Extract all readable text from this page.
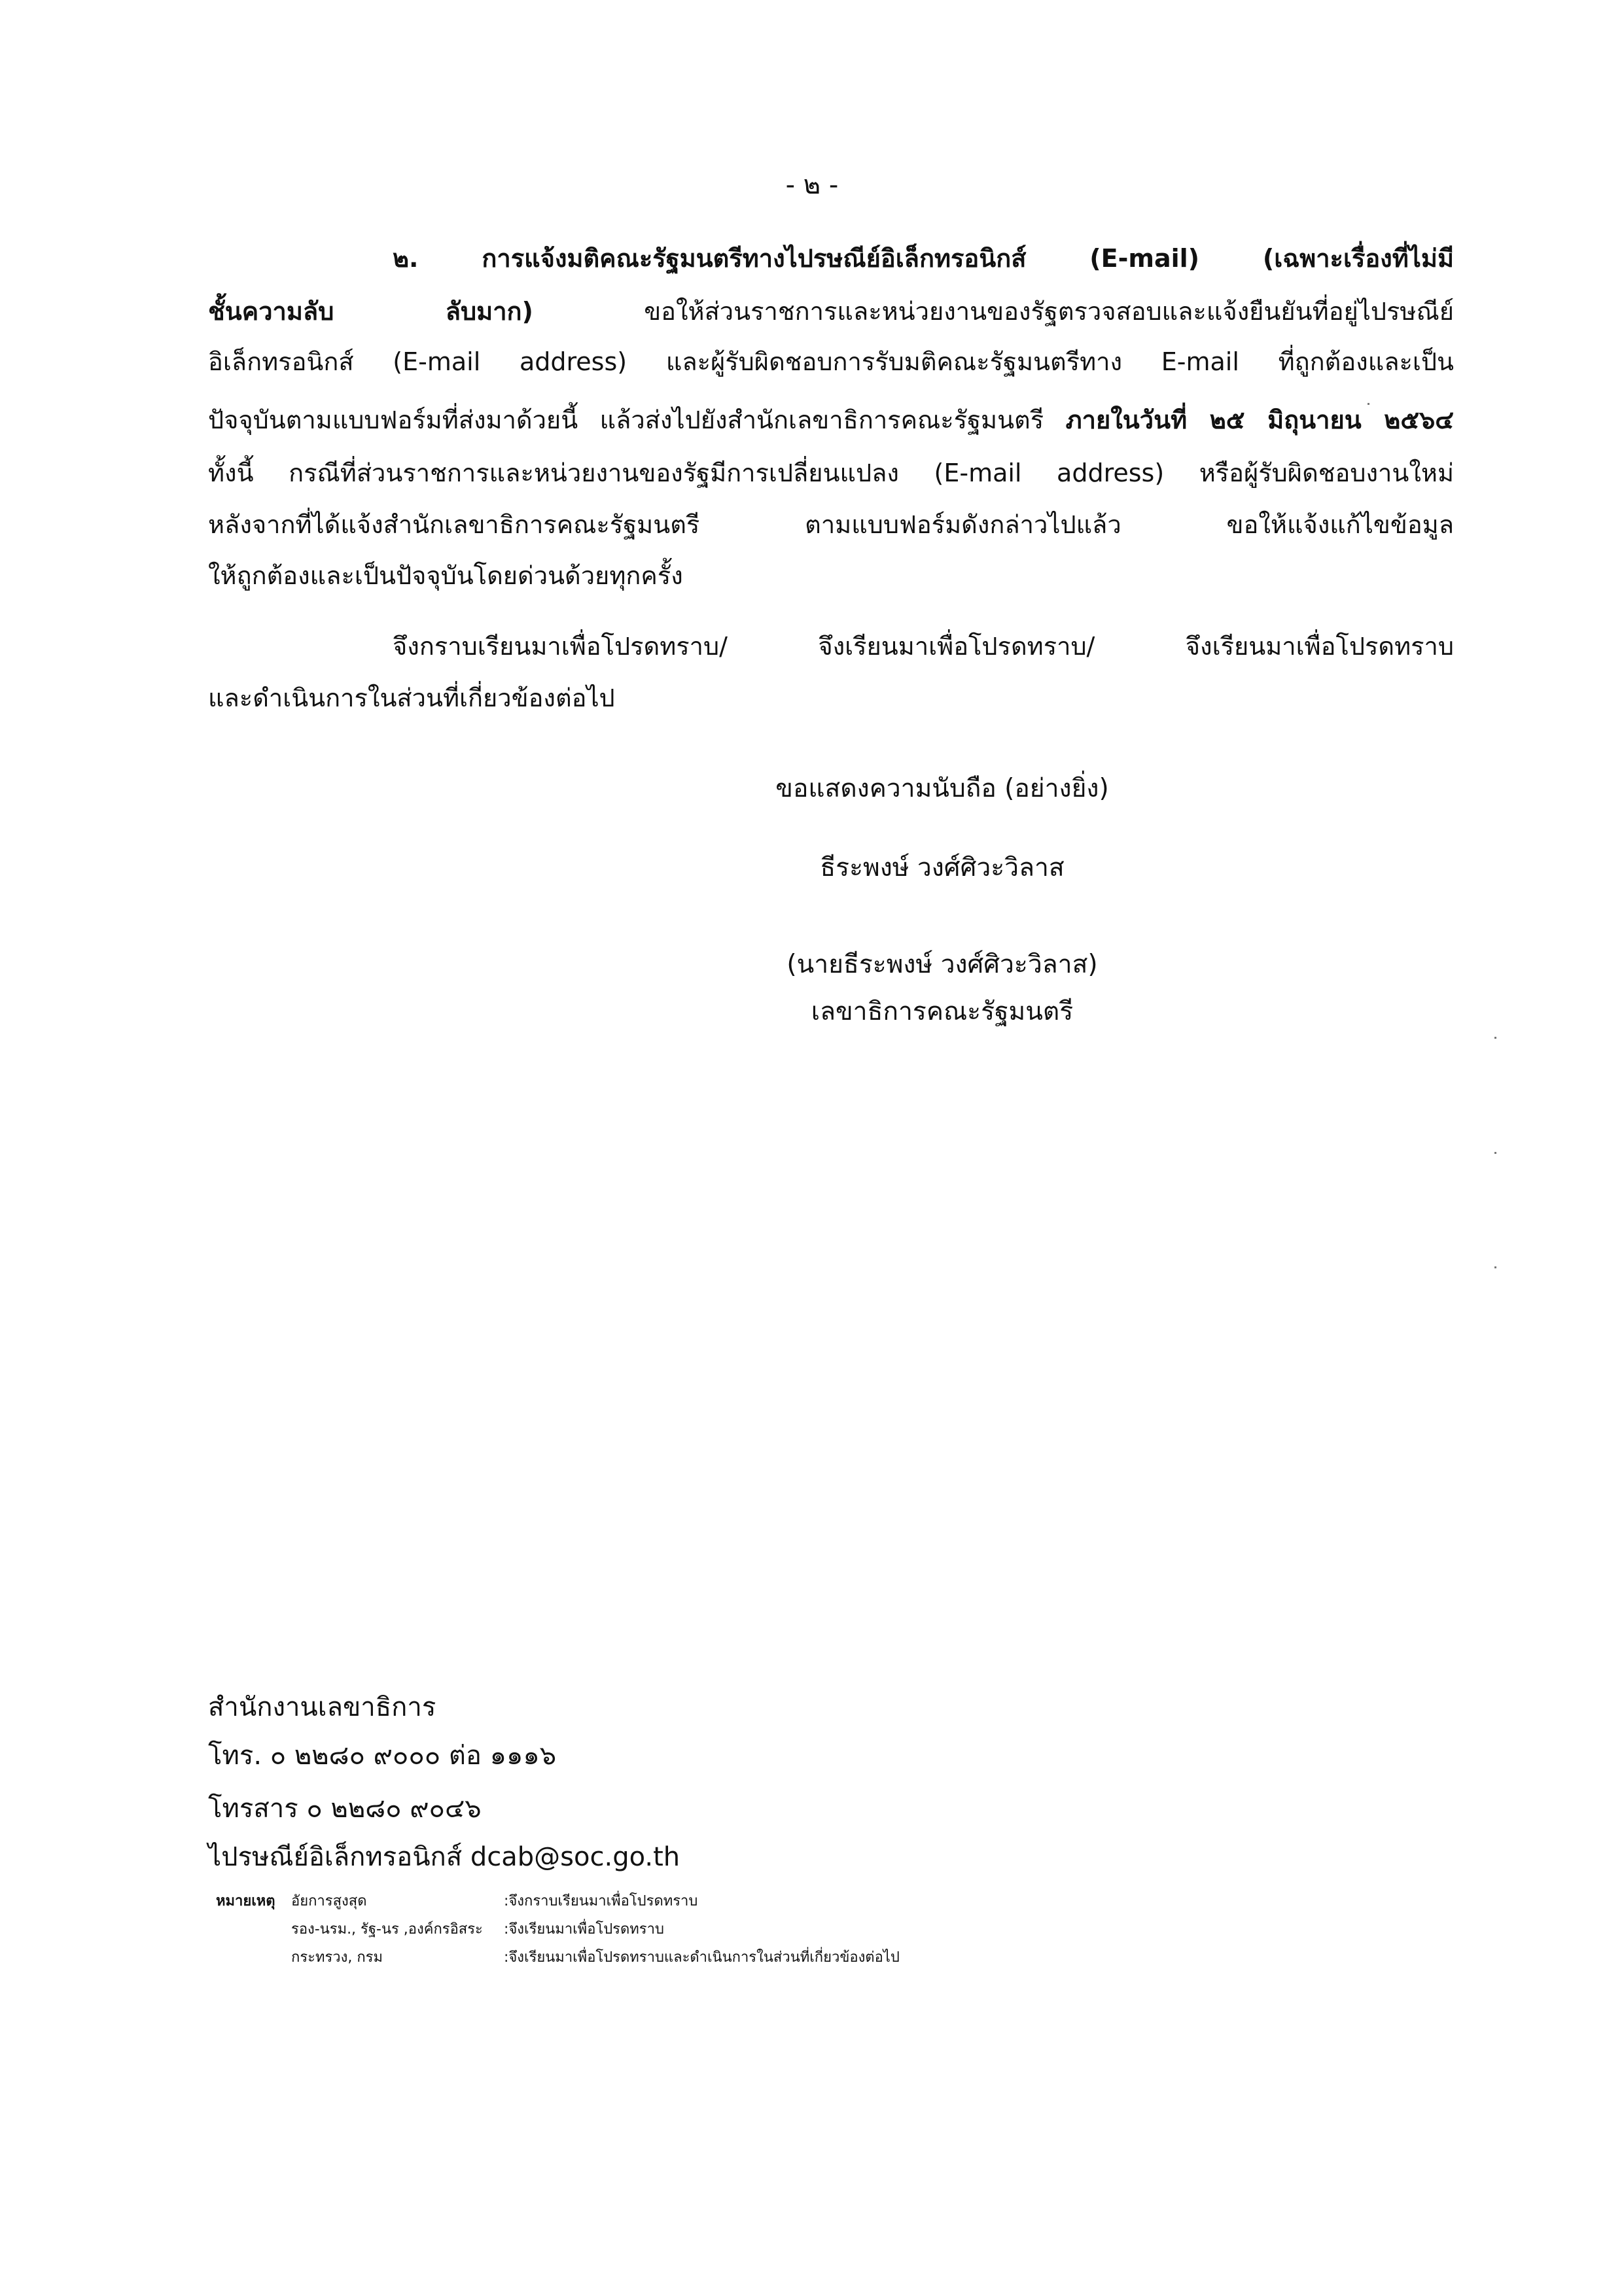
- ๒ -
๒. การแจ้งมติคณะรัฐมนตรีทางไปรษณีย์อิเล็กทรอนิกส์ (E-mail) (เฉพาะเรื่องที่ไม่มี
ชั้นความลับ ลับมาก) ขอให้ส่วนราชการและหน่วยงานของรัฐตรวจสอบและแจ้งยืนยันที่อยู่ไปรษณีย์
อิเล็กทรอนิกส์ (E-mail address) และผู้รับผิดชอบการรับมติคณะรัฐมนตรีทาง E-mail ที่ถูกต้องและเป็น
ปัจจุบันตามแบบฟอร์มที่ส่งมาด้วยนี้ แล้วส่งไปยังสำนักเลขาธิการคณะรัฐมนตรี ภายในวันที่ ๒๕ มิถุนายน ๒๕๖๔
ทั้งนี้ กรณีที่ส่วนราชการและหน่วยงานของรัฐมีการเปลี่ยนแปลง (E-mail address) หรือผู้รับผิดชอบงานใหม่
หลังจากที่ได้แจ้งสำนักเลขาธิการคณะรัฐมนตรี ตามแบบฟอร์มดังกล่าวไปแล้ว ขอให้แจ้งแก้ไขข้อมูล
ให้ถูกต้องและเป็นปัจจุบันโดยด่วนด้วยทุกครั้ง
จึงกราบเรียนมาเพื่อโปรดทราบ/ จึงเรียนมาเพื่อโปรดทราบ/ จึงเรียนมาเพื่อโปรดทราบ
และดำเนินการในส่วนที่เกี่ยวข้องต่อไป
ขอแสดงความนับถือ (อย่างยิ่ง)
ธีระพงษ์ วงศ์ศิวะวิลาส
(นายธีระพงษ์ วงศ์ศิวะวิลาส)
เลขาธิการคณะรัฐมนตรี
สำนักงานเลขาธิการ
โทร. ๐ ๒๒๘๐ ๙๐๐๐ ต่อ ๑๑๑๖
โทรสาร ๐ ๒๒๘๐ ๙๐๔๖
ไปรษณีย์อิเล็กทรอนิกส์ dcab@soc.go.th
หมายเหตุ อัยการสูงสุด	:จึงกราบเรียนมาเพื่อโปรดทราบ
รอง-นรม., รัฐ-นร ,องค์กรอิสระ :จึงเรียนมาเพื่อโปรดทราบ
กระทรวง, กรม	:จึงเรียนมาเพื่อโปรดทราบและดำเนินการในส่วนที่เกี่ยวข้องต่อไป
